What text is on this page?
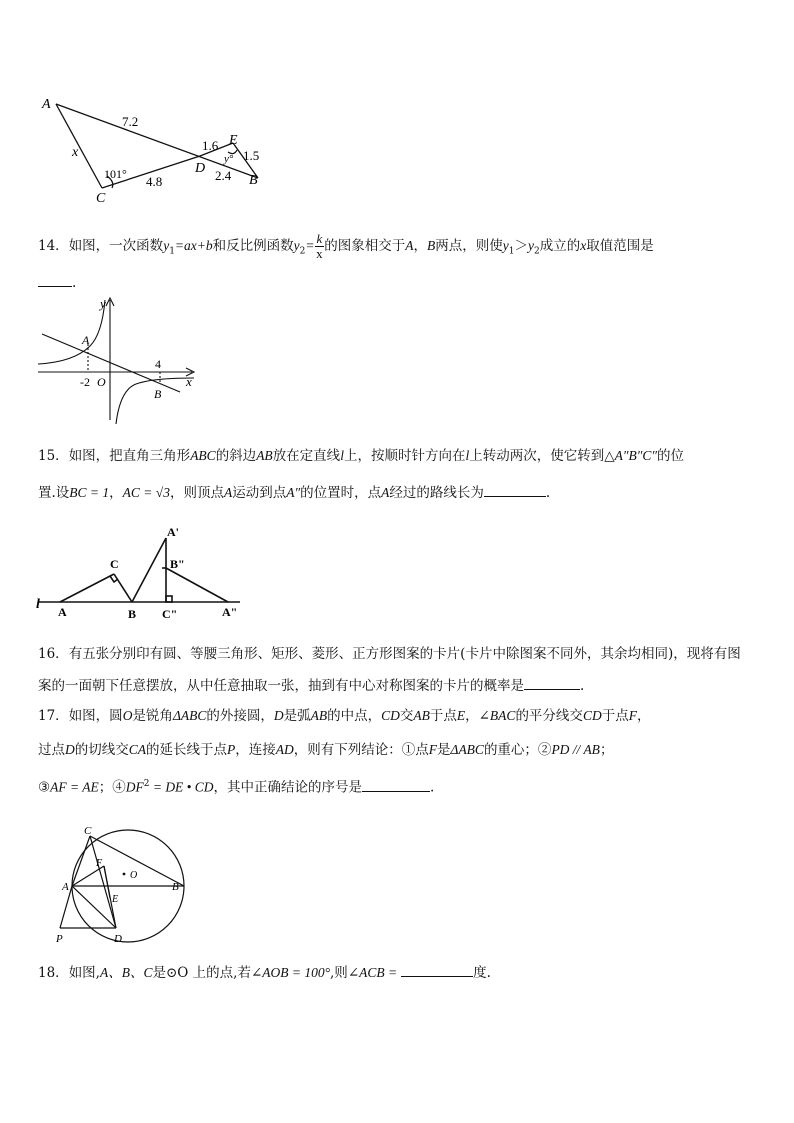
A
x
7.2
101°
C
4.8
D
1.6 E
y° 1.5
2.4 B
14．如图，一次函数$y_1=ax+b$和反比例函数$y_2= \frac{k}{x}$ 的图象相交于A，B两点，则使$y_1>y_2$成立的x取值范围是
.
y
x
A
-2 O
4
B
15．如图，把直角三角形ABC的斜边AB放在定直线l上，按顺时针方向在l上转动两次，使它转到△A″B″C″的位
置.设BC = 1，AC = √3，则顶点A运动到点A″的位置时，点A经过的路线长为	.
l A
C
B
A'
B"
C"	A"
16．有五张分别印有圆、等腰三角形、矩形、菱形、正方形图案的卡片(卡片中除图案不同外，其余均相同)，现将有图
案的一面朝下任意摆放，从中任意抽取一张，抽到有中心对称图案的卡片的概率是	.
17．如图，圆O是锐角ΔABC的外接圆，D是弧AB的中点，CD交AB于点E，∠BAC的平分线交CD于点F，
过点D的切线交CA的延长线于点P，连接AD，则有下列结论：①点F是ΔABC的重心；②PD // AB；
③AF = AE；$④DF^2$ = DE • CD，其中正确结论的序号是	.
C
F
O
A	B
E
P	D
18．如图,A、B、C是⊙O 上的点,若∠AOB = 100°,则∠ACB =	度.
